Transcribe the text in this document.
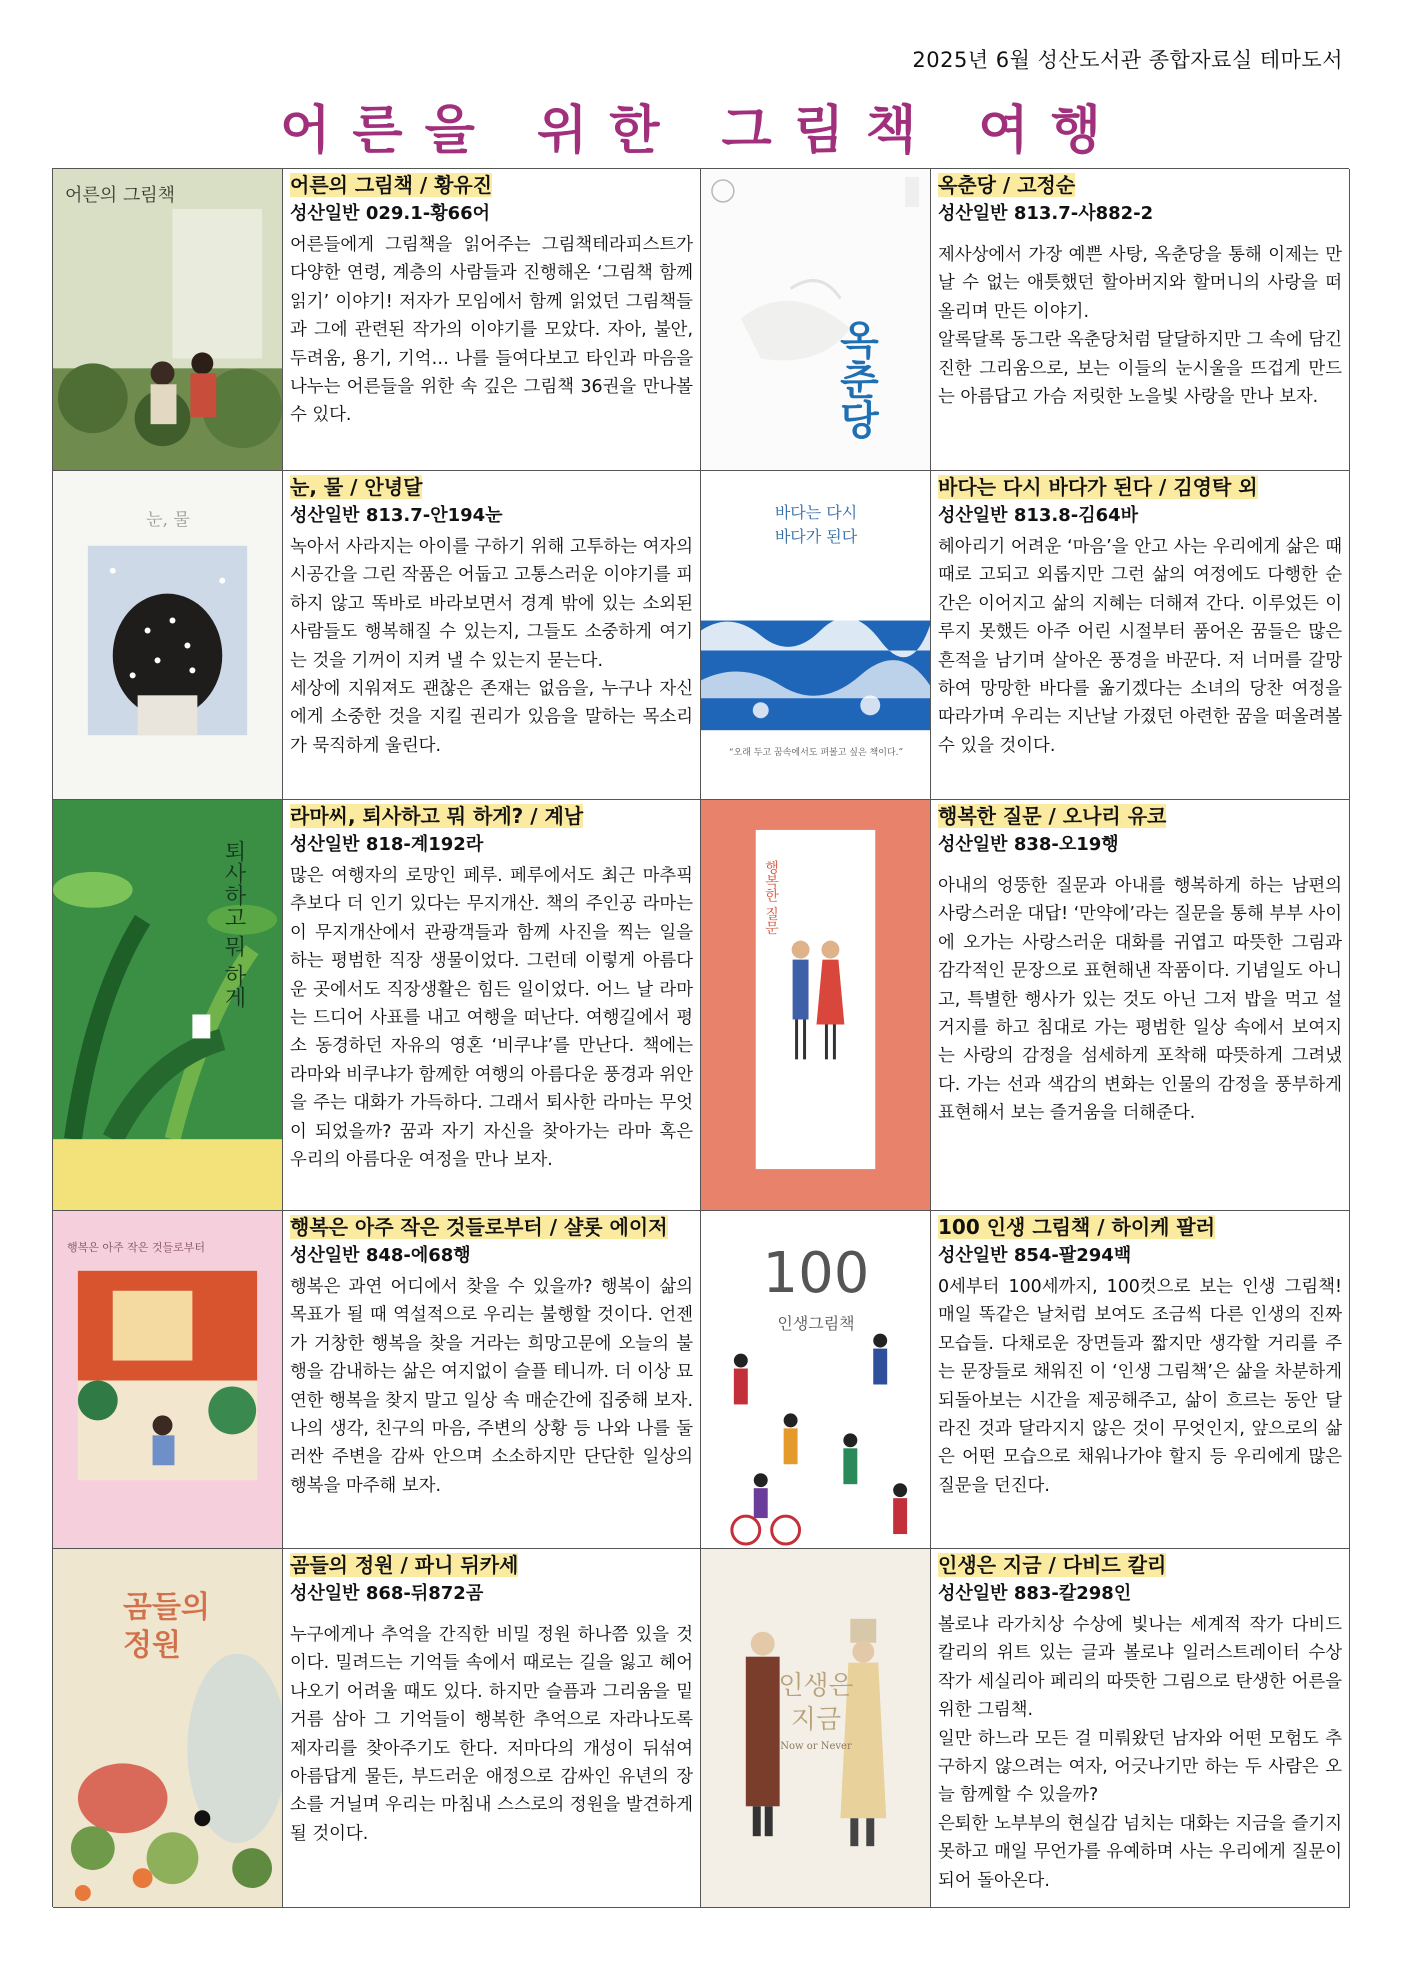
2025년 6월 성산도서관 종합자료실 테마도서
어른을 위한 그림책 여행
어른의 그림책	어른의 그림책 / 황유진
성산일반 029.1-황66어

어른들에게 그림책을 읽어주는 그림책테라피스트가 다양한 연령, 계층의 사람들과 진행해온 ‘그림책 함께 읽기’ 이야기! 저자가 모임에서 함께 읽었던 그림책들과 그에 관련된 작가의 이야기를 모았다. 자아, 불안, 두려움, 용기, 기억… 나를 들여다보고 타인과 마음을 나누는 어른들을 위한 속 깊은 그림책 36권을 만나볼 수 있다.	옥춘당
옥춘당 / 고정순
성산일반 813.7-사882-2

제사상에서 가장 예쁜 사탕, 옥춘당을 통해 이제는 만날 수 없는 애틋했던 할아버지와 할머니의 사랑을 떠올리며 만든 이야기.

알록달록 동그란 옥춘당처럼 달달하지만 그 속에 담긴 진한 그리움으로, 보는 이들의 눈시울을 뜨겁게 만드는 아름답고 가슴 저릿한 노을빛 사랑을 만나 보자.

눈, 물
눈, 물 / 안녕달
성산일반 813.7-안194눈

녹아서 사라지는 아이를 구하기 위해 고투하는 여자의 시공간을 그린 작품은 어둡고 고통스러운 이야기를 피하지 않고 똑바로 바라보면서 경계 밖에 있는 소외된 사람들도 행복해질 수 있는지, 그들도 소중하게 여기는 것을 기꺼이 지켜 낼 수 있는지 묻는다.

세상에 지워져도 괜찮은 존재는 없음을, 누구나 자신에게 소중한 것을 지킬 권리가 있음을 말하는 목소리가 묵직하게 울린다.

바다는 다시
바다가 된다
“오래 두고 꿈속에서도 펴볼고 싶은 책이다.”
바다는 다시 바다가 된다 / 김영탁 외
성산일반 813.8-김64바

헤아리기 어려운 ‘마음’을 안고 사는 우리에게 삶은 때때로 고되고 외롭지만 그런 삶의 여정에도 다행한 순간은 이어지고 삶의 지혜는 더해져 간다. 이루었든 이루지 못했든 아주 어린 시절부터 품어온 꿈들은 많은 흔적을 남기며 살아온 풍경을 바꾼다. 저 너머를 갈망하여 망망한 바다를 옮기겠다는 소녀의 당찬 여정을 따라가며 우리는 지난날 가졌던 아련한 꿈을 떠올려볼 수 있을 것이다.

퇴사하고 뭐 하게
라마씨, 퇴사하고 뭐 하게? / 계남
성산일반 818-계192라

많은 여행자의 로망인 페루. 페루에서도 최근 마추픽추보다 더 인기 있다는 무지개산. 책의 주인공 라마는 이 무지개산에서 관광객들과 함께 사진을 찍는 일을 하는 평범한 직장 생물이었다. 그런데 이렇게 아름다운 곳에서도 직장생활은 힘든 일이었다. 어느 날 라마는 드디어 사표를 내고 여행을 떠난다. 여행길에서 평소 동경하던 자유의 영혼 ‘비쿠냐’를 만난다. 책에는 라마와 비쿠냐가 함께한 여행의 아름다운 풍경과 위안을 주는 대화가 가득하다. 그래서 퇴사한 라마는 무엇이 되었을까? 꿈과 자기 자신을 찾아가는 라마 혹은 우리의 아름다운 여정을 만나 보자.

행복한 질문
행복한 질문 / 오나리 유코
성산일반 838-오19행

아내의 엉뚱한 질문과 아내를 행복하게 하는 남편의 사랑스러운 대답! ‘만약에’라는 질문을 통해 부부 사이에 오가는 사랑스러운 대화를 귀엽고 따뜻한 그림과 감각적인 문장으로 표현해낸 작품이다. 기념일도 아니고, 특별한 행사가 있는 것도 아닌 그저 밥을 먹고 설거지를 하고 침대로 가는 평범한 일상 속에서 보여지는 사랑의 감정을 섬세하게 포착해 따뜻하게 그려냈다. 가는 선과 색감의 변화는 인물의 감정을 풍부하게 표현해서 보는 즐거움을 더해준다.

행복은 아주 작은 것들로부터
행복은 아주 작은 것들로부터 / 샬롯 에이저
성산일반 848-에68행

행복은 과연 어디에서 찾을 수 있을까? 행복이 삶의 목표가 될 때 역설적으로 우리는 불행할 것이다. 언젠가 거창한 행복을 찾을 거라는 희망고문에 오늘의 불행을 감내하는 삶은 여지없이 슬플 테니까. 더 이상 묘연한 행복을 찾지 말고 일상 속 매순간에 집중해 보자. 나의 생각, 친구의 마음, 주변의 상황 등 나와 나를 둘러싼 주변을 감싸 안으며 소소하지만 단단한 일상의 행복을 마주해 보자.

100
인생그림책
100 인생 그림책 / 하이케 팔러
성산일반 854-팔294백

0세부터 100세까지, 100컷으로 보는 인생 그림책! 매일 똑같은 날처럼 보여도 조금씩 다른 인생의 진짜 모습들. 다채로운 장면들과 짧지만 생각할 거리를 주는 문장들로 채워진 이 ‘인생 그림책’은 삶을 차분하게 되돌아보는 시간을 제공해주고, 삶이 흐르는 동안 달라진 것과 달라지지 않은 것이 무엇인지, 앞으로의 삶은 어떤 모습으로 채워나가야 할지 등 우리에게 많은 질문을 던진다.

곰들의
정원
곰들의 정원 / 파니 뒤카세
성산일반 868-뒤872곰

누구에게나 추억을 간직한 비밀 정원 하나쯤 있을 것이다. 밀려드는 기억들 속에서 때로는 길을 잃고 헤어 나오기 어려울 때도 있다. 하지만 슬픔과 그리움을 밑거름 삼아 그 기억들이 행복한 추억으로 자라나도록 제자리를 찾아주기도 한다. 저마다의 개성이 뒤섞여 아름답게 물든, 부드러운 애정으로 감싸인 유년의 장소를 거닐며 우리는 마침내 스스로의 정원을 발견하게 될 것이다.

인생은
지금
Now or Never
인생은 지금 / 다비드 칼리
성산일반 883-칼298인

볼로냐 라가치상 수상에 빛나는 세계적 작가 다비드 칼리의 위트 있는 글과 볼로냐 일러스트레이터 수상 작가 세실리아 페리의 따뜻한 그림으로 탄생한 어른을 위한 그림책.

일만 하느라 모든 걸 미뤄왔던 남자와 어떤 모험도 추구하지 않으려는 여자, 어긋나기만 하는 두 사람은 오늘 함께할 수 있을까?

은퇴한 노부부의 현실감 넘치는 대화는 지금을 즐기지 못하고 매일 무언가를 유예하며 사는 우리에게 질문이 되어 돌아온다.
